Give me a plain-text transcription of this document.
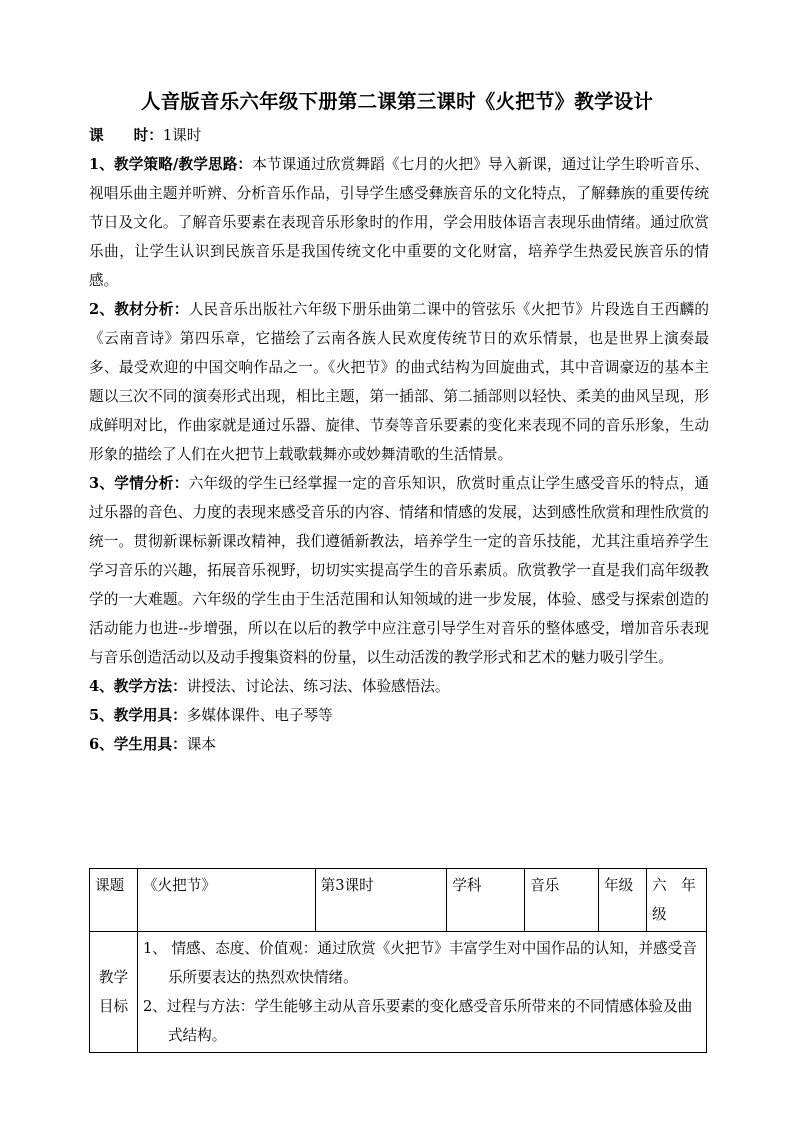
人音版音乐六年级下册第二课第三课时《火把节》教学设计

课 时：1课时

1、教学策略/教学思路：本节课通过欣赏舞蹈《七月的火把》导入新课，通过让学生聆听音乐、视唱乐曲主题并听辨、分析音乐作品，引导学生感受彝族音乐的文化特点，了解彝族的重要传统节日及文化。了解音乐要素在表现音乐形象时的作用，学会用肢体语言表现乐曲情绪。通过欣赏乐曲，让学生认识到民族音乐是我国传统文化中重要的文化财富，培养学生热爱民族音乐的情感。

2、教材分析：人民音乐出版社六年级下册乐曲第二课中的管弦乐《火把节》片段选自王西麟的《云南音诗》第四乐章，它描绘了云南各族人民欢度传统节日的欢乐情景，也是世界上演奏最多、最受欢迎的中国交响作品之一。《火把节》的曲式结构为回旋曲式，其中音调豪迈的基本主题以三次不同的演奏形式出现，相比主题，第一插部、第二插部则以轻快、柔美的曲风呈现，形成鲜明对比，作曲家就是通过乐器、旋律、节奏等音乐要素的变化来表现不同的音乐形象，生动形象的描绘了人们在火把节上载歌载舞亦或妙舞清歌的生活情景。

3、学情分析：六年级的学生已经掌握一定的音乐知识，欣赏时重点让学生感受音乐的特点，通过乐器的音色、力度的表现来感受音乐的内容、情绪和情感的发展，达到感性欣赏和理性欣赏的统一。贯彻新课标新课改精神，我们遵循新教法，培养学生一定的音乐技能，尤其注重培养学生学习音乐的兴趣，拓展音乐视野，切切实实提高学生的音乐素质。欣赏教学一直是我们高年级教学的一大难题。六年级的学生由于生活范围和认知领域的进一步发展，体验、感受与探索创造的活动能力也进--步增强，所以在以后的教学中应注意引导学生对音乐的整体感受，增加音乐表现与音乐创造活动以及动手搜集资料的份量，以生动活泼的教学形式和艺术的魅力吸引学生。

4、教学方法：讲授法、讨论法、练习法、体验感悟法。

5、教学用具：多媒体课件、电子琴等

6、学生用具：课本

课题	《火把节》	第3课时	学科	音乐	年级	六　年级
教学目标	1、 情感、态度、价值观：通过欣赏《火把节》丰富学生对中国作品的认知，并感受音乐所要表达的热烈欢快情绪。

2、过程与方法：学生能够主动从音乐要素的变化感受音乐所带来的不同情感体验及曲式结构。					
